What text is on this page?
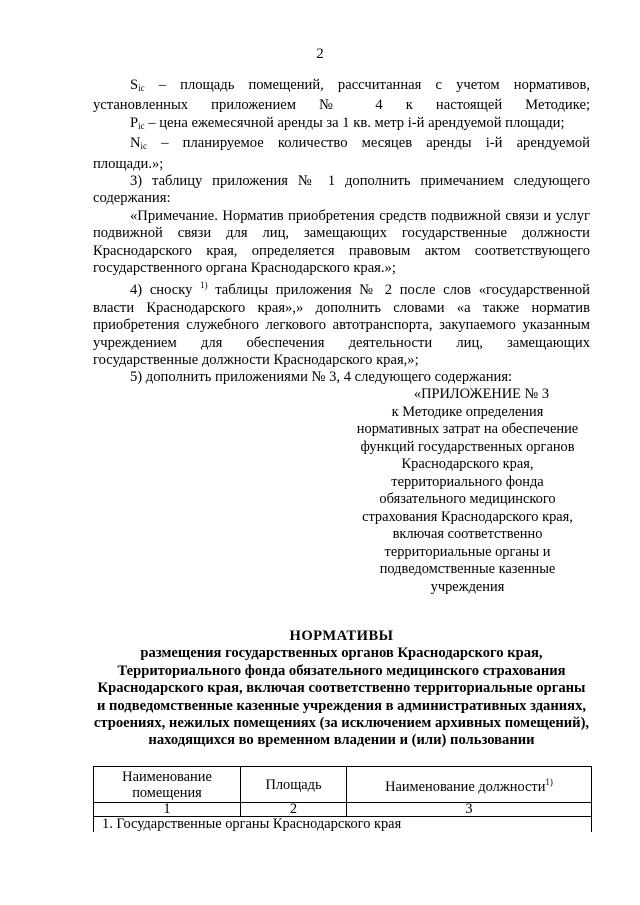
2

$S_{ic}$ – площадь помещений, рассчитанная с учетом нормативов, установленных приложением № 4 к настоящей Методике;

$P_{ic}$ – цена ежемесячной аренды за 1 кв. метр i-й арендуемой площади;

$N_{ic}$ – планируемое количество месяцев аренды i-й арендуемой площади.»;

3) таблицу приложения № 1 дополнить примечанием следующего содержания:

«Примечание. Норматив приобретения средств подвижной связи и услуг подвижной связи для лиц, замещающих государственные должности Краснодарского края, определяется правовым актом соответствующего государственного органа Краснодарского края.»;

4) сноску $^{1)}$ таблицы приложения № 2 после слов «государственной власти Краснодарского края»,» дополнить словами «а также норматив приобретения служебного легкового автотранспорта, закупаемого указанным учреждением для обеспечения деятельности лиц, замещающих государственные должности Краснодарского края,»;

5) дополнить приложениями № 3, 4 следующего содержания:

«ПРИЛОЖЕНИЕ № 3
к Методике определения
нормативных затрат на обеспечение
функций государственных органов
Краснодарского края,
территориального фонда
обязательного медицинского
страхования Краснодарского края,
включая соответственно
территориальные органы и
подведомственные казенные
учреждения
НОРМАТИВЫ
размещения государственных органов Краснодарского края, Территориального фонда обязательного медицинского страхования Краснодарского края, включая соответственно территориальные органы и подведомственные казенные учреждения в административных зданиях, строениях, нежилых помещениях (за исключением архивных помещений), находящихся во временном владении и (или) пользовании
Наименование помещения	Площадь	Наименование должности$^{1)}$
1	2	3
1. Государственные органы Краснодарского края		
